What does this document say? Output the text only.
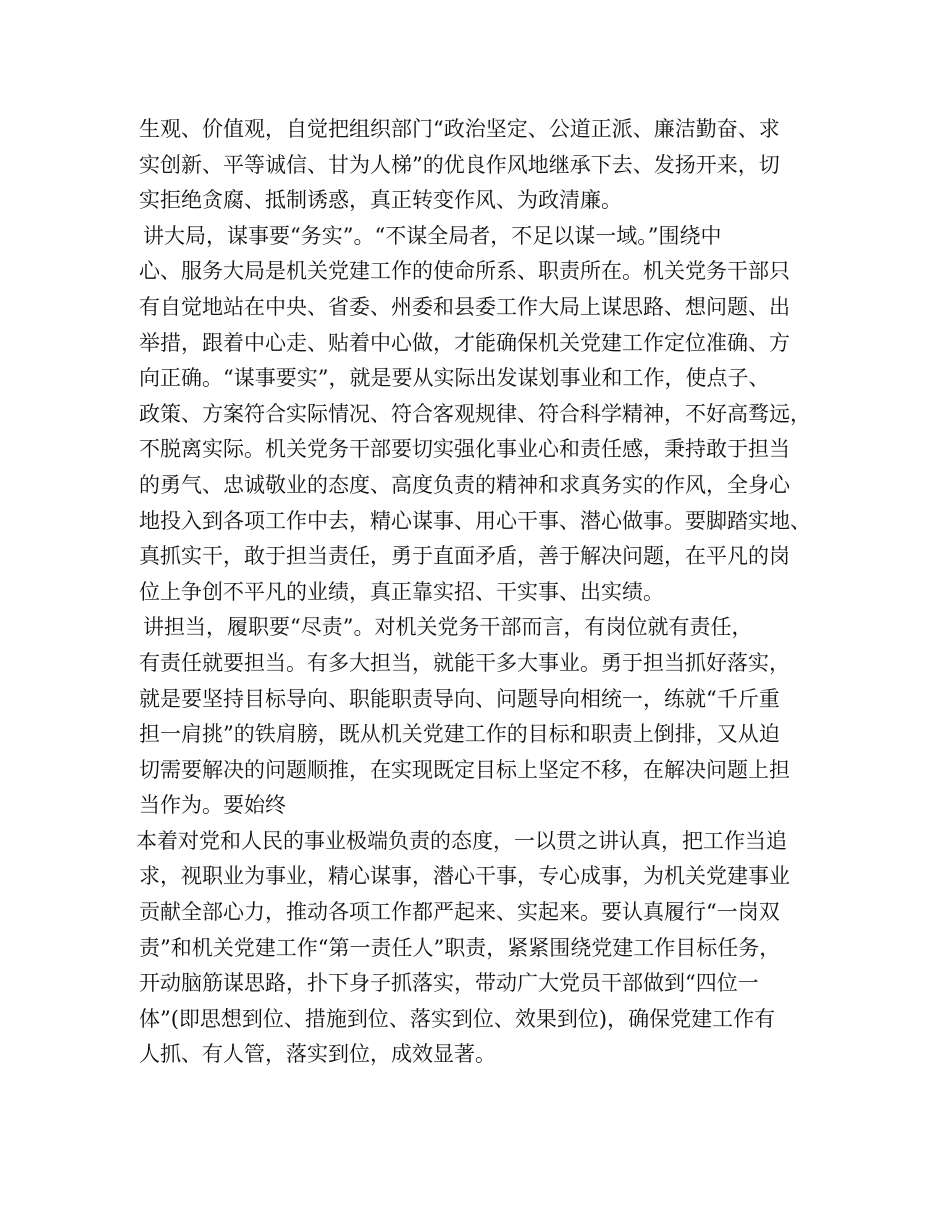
生观、价值观，自觉把组织部门“政治坚定、公道正派、廉洁勤奋、求
实创新、平等诚信、甘为人梯”的优良作风地继承下去、发扬开来，切
实拒绝贪腐、抵制诱惑，真正转变作风、为政清廉。
讲大局，谋事要“务实”。“不谋全局者，不足以谋一域。”围绕中
心、服务大局是机关党建工作的使命所系、职责所在。机关党务干部只
有自觉地站在中央、省委、州委和县委工作大局上谋思路、想问题、出
举措，跟着中心走、贴着中心做，才能确保机关党建工作定位准确、方
向正确。“谋事要实”，就是要从实际出发谋划事业和工作，使点子、
政策、方案符合实际情况、符合客观规律、符合科学精神，不好高骛远，
不脱离实际。机关党务干部要切实强化事业心和责任感，秉持敢于担当
的勇气、忠诚敬业的态度、高度负责的精神和求真务实的作风，全身心
地投入到各项工作中去，精心谋事、用心干事、潜心做事。要脚踏实地、
真抓实干，敢于担当责任，勇于直面矛盾，善于解决问题，在平凡的岗
位上争创不平凡的业绩，真正靠实招、干实事、出实绩。
讲担当，履职要“尽责”。对机关党务干部而言，有岗位就有责任，
有责任就要担当。有多大担当，就能干多大事业。勇于担当抓好落实，
就是要坚持目标导向、职能职责导向、问题导向相统一，练就“千斤重
担一肩挑”的铁肩膀，既从机关党建工作的目标和职责上倒排，又从迫
切需要解决的问题顺推，在实现既定目标上坚定不移，在解决问题上担
当作为。要始终
本着对党和人民的事业极端负责的态度，一以贯之讲认真，把工作当追
求，视职业为事业，精心谋事，潜心干事，专心成事，为机关党建事业
贡献全部心力，推动各项工作都严起来、实起来。要认真履行“一岗双
责”和机关党建工作“第一责任人”职责，紧紧围绕党建工作目标任务，
开动脑筋谋思路，扑下身子抓落实，带动广大党员干部做到“四位一
体”(即思想到位、措施到位、落实到位、效果到位)，确保党建工作有
人抓、有人管，落实到位，成效显著。
